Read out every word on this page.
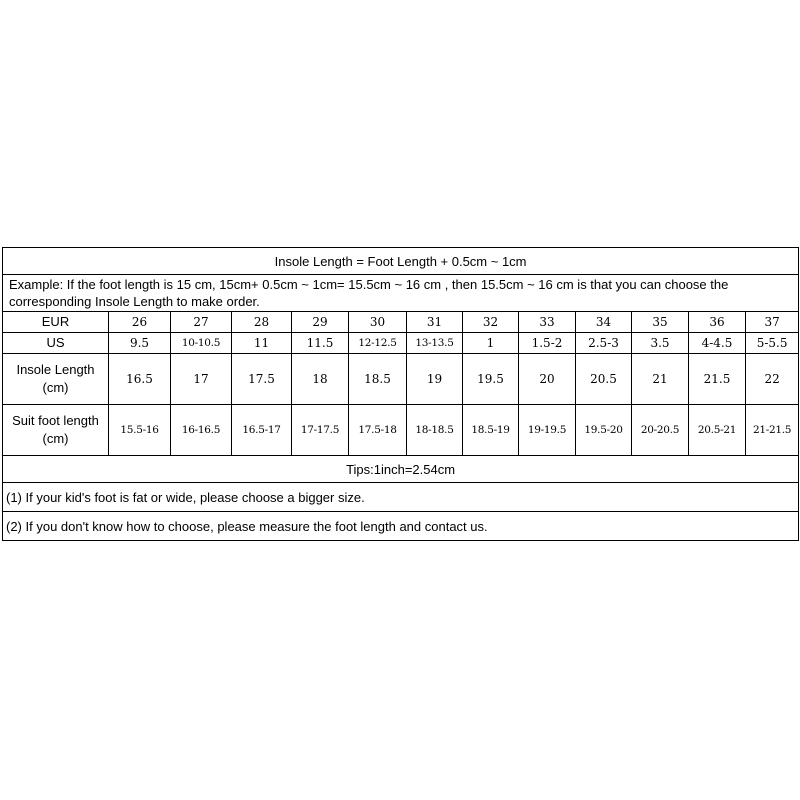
Insole Length = Foot Length + 0.5cm ~ 1cm												
Example: If the foot length is 15 cm, 15cm+ 0.5cm ~ 1cm= 15.5cm ~ 16 cm , then 15.5cm ~ 16 cm is that you can choose the corresponding Insole Length to make order.												
EUR	26	27	28	29	30	31	32	33	34	35	36	37
US	9.5	10-10.5	11	11.5	12-12.5	13-13.5	1	1.5-2	2.5-3	3.5	4-4.5	5-5.5
Insole Length (cm)	16.5	17	17.5	18	18.5	19	19.5	20	20.5	21	21.5	22
Suit foot length (cm)	15.5-16	16-16.5	16.5-17	17-17.5	17.5-18	18-18.5	18.5-19	19-19.5	19.5-20	20-20.5	20.5-21	21-21.5
Tips:1inch=2.54cm												
(1) If your kid's foot is fat or wide, please choose a bigger size.												
(2) If you don't know how to choose, please measure the foot length and contact us.												
